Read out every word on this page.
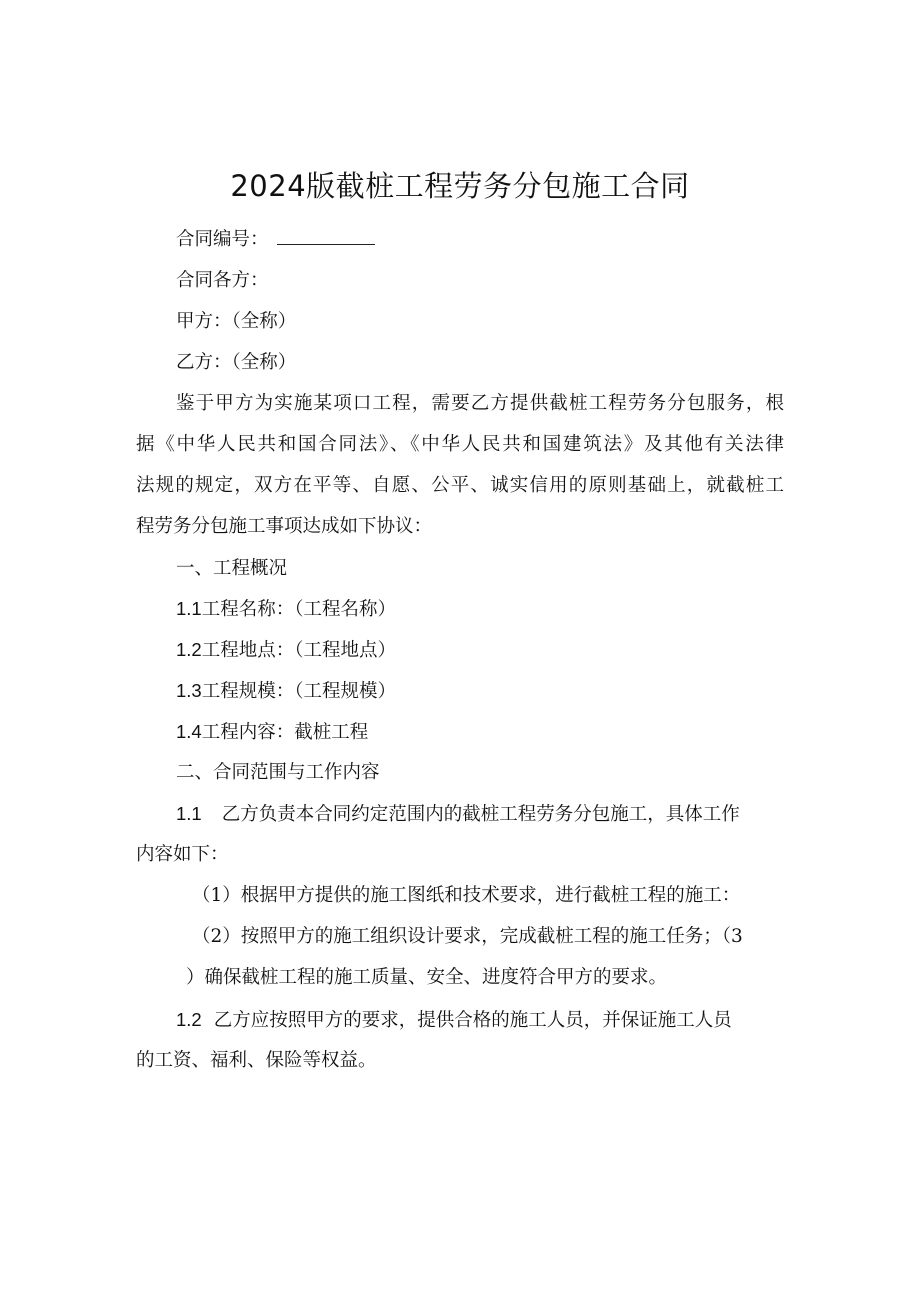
2024版截桩工程劳务分包施工合同
合同编号：
合同各方：
甲方：（全称）
乙方：（全称）
鉴于甲方为实施某项口工程，需要乙方提供截桩工程劳务分包服务，根
据《中华人民共和国合同法》、《中华人民共和国建筑法》及其他有关法律
法规的规定，双方在平等、自愿、公平、诚实信用的原则基础上，就截桩工
程劳务分包施工事项达成如下协议：
一、工程概况
1.1工程名称：（工程名称）
1.2工程地点：（工程地点）
1.3工程规模：（工程规模）
1.4工程内容：截桩工程
二、合同范围与工作内容
1.1 乙方负责本合同约定范围内的截桩工程劳务分包施工，具体工作
内容如下：
（1）根据甲方提供的施工图纸和技术要求，进行截桩工程的施工：
（2）按照甲方的施工组织设计要求，完成截桩工程的施工任务；（3
）确保截桩工程的施工质量、安全、进度符合甲方的要求。
1.2 乙方应按照甲方的要求，提供合格的施工人员，并保证施工人员
的工资、福利、保险等权益。
